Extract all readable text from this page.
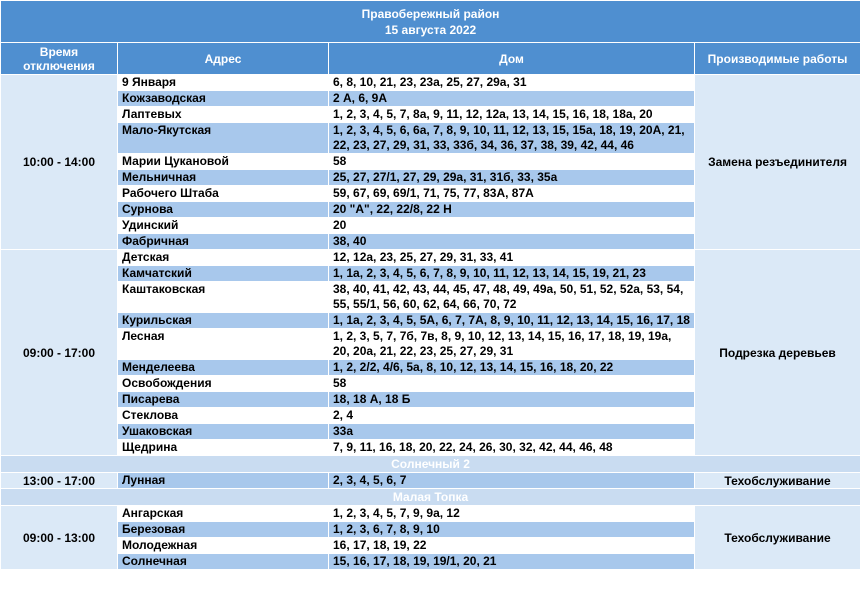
Правобережный район
15 августа 2022			

Время отключения	Адрес	Дом	Производимые работы
10:00 - 14:00	9 Января	6, 8, 10, 21, 23, 23а, 25, 27, 29а, 31	Замена резъединителя
	Кожзаводская	2 А, 6, 9А	
	Лаптевых	1, 2, 3, 4, 5, 7, 8а, 9, 11, 12, 12а, 13, 14, 15, 16, 18, 18а, 20	
	Мало-Якутская	1, 2, 3, 4, 5, 6, 6а, 7, 8, 9, 10, 11, 12, 13, 15, 15а, 18, 19, 20А, 21, 22, 23, 27, 29, 31, 33, 33б, 34, 36, 37, 38, 39, 42, 44, 46	
	Марии Цукановой	58	
	Мельничная	25, 27, 27/1, 27, 29, 29а, 31, 31б, 33, 35а	
	Рабочего Штаба	59, 67, 69, 69/1, 71, 75, 77, 83А, 87А	
	Сурнова	20 "А", 22, 22/8, 22 Н	
	Удинский	20	
	Фабричная	38, 40	
09:00 - 17:00	Детская	12, 12а, 23, 25, 27, 29, 31, 33, 41	Подрезка деревьев
	Камчатский	1, 1а, 2, 3, 4, 5, 6, 7, 8, 9, 10, 11, 12, 13, 14, 15, 19, 21, 23	
	Каштаковская	38, 40, 41, 42, 43, 44, 45, 47, 48, 49, 49а, 50, 51, 52, 52а, 53, 54, 55, 55/1, 56, 60, 62, 64, 66, 70, 72	
	Курильская	1, 1а, 2, 3, 4, 5, 5А, 6, 7, 7А, 8, 9, 10, 11, 12, 13, 14, 15, 16, 17, 18	
	Лесная	1, 2, 3, 5, 7, 7б, 7в, 8, 9, 10, 12, 13, 14, 15, 16, 17, 18, 19, 19а, 20, 20а, 21, 22, 23, 25, 27, 29, 31	
	Менделеева	1, 2, 2/2, 4/6, 5а, 8, 10, 12, 13, 14, 15, 16, 18, 20, 22	
	Освобождения	58	
	Писарева	18, 18 А, 18 Б	
	Стеклова	2, 4	
	Ушаковская	33а	
	Щедрина	7, 9, 11, 16, 18, 20, 22, 24, 26, 30, 32, 42, 44, 46, 48	
Солнечный 2			
13:00 - 17:00	Лунная	2, 3, 4, 5, 6, 7	Техобслуживание
Малая Топка			
09:00 - 13:00	Ангарская	1, 2, 3, 4, 5, 7, 9, 9а, 12	Техобслуживание
	Березовая	1, 2, 3, 6, 7, 8, 9, 10	
	Молодежная	16, 17, 18, 19, 22	
	Солнечная	15, 16, 17, 18, 19, 19/1, 20, 21	
